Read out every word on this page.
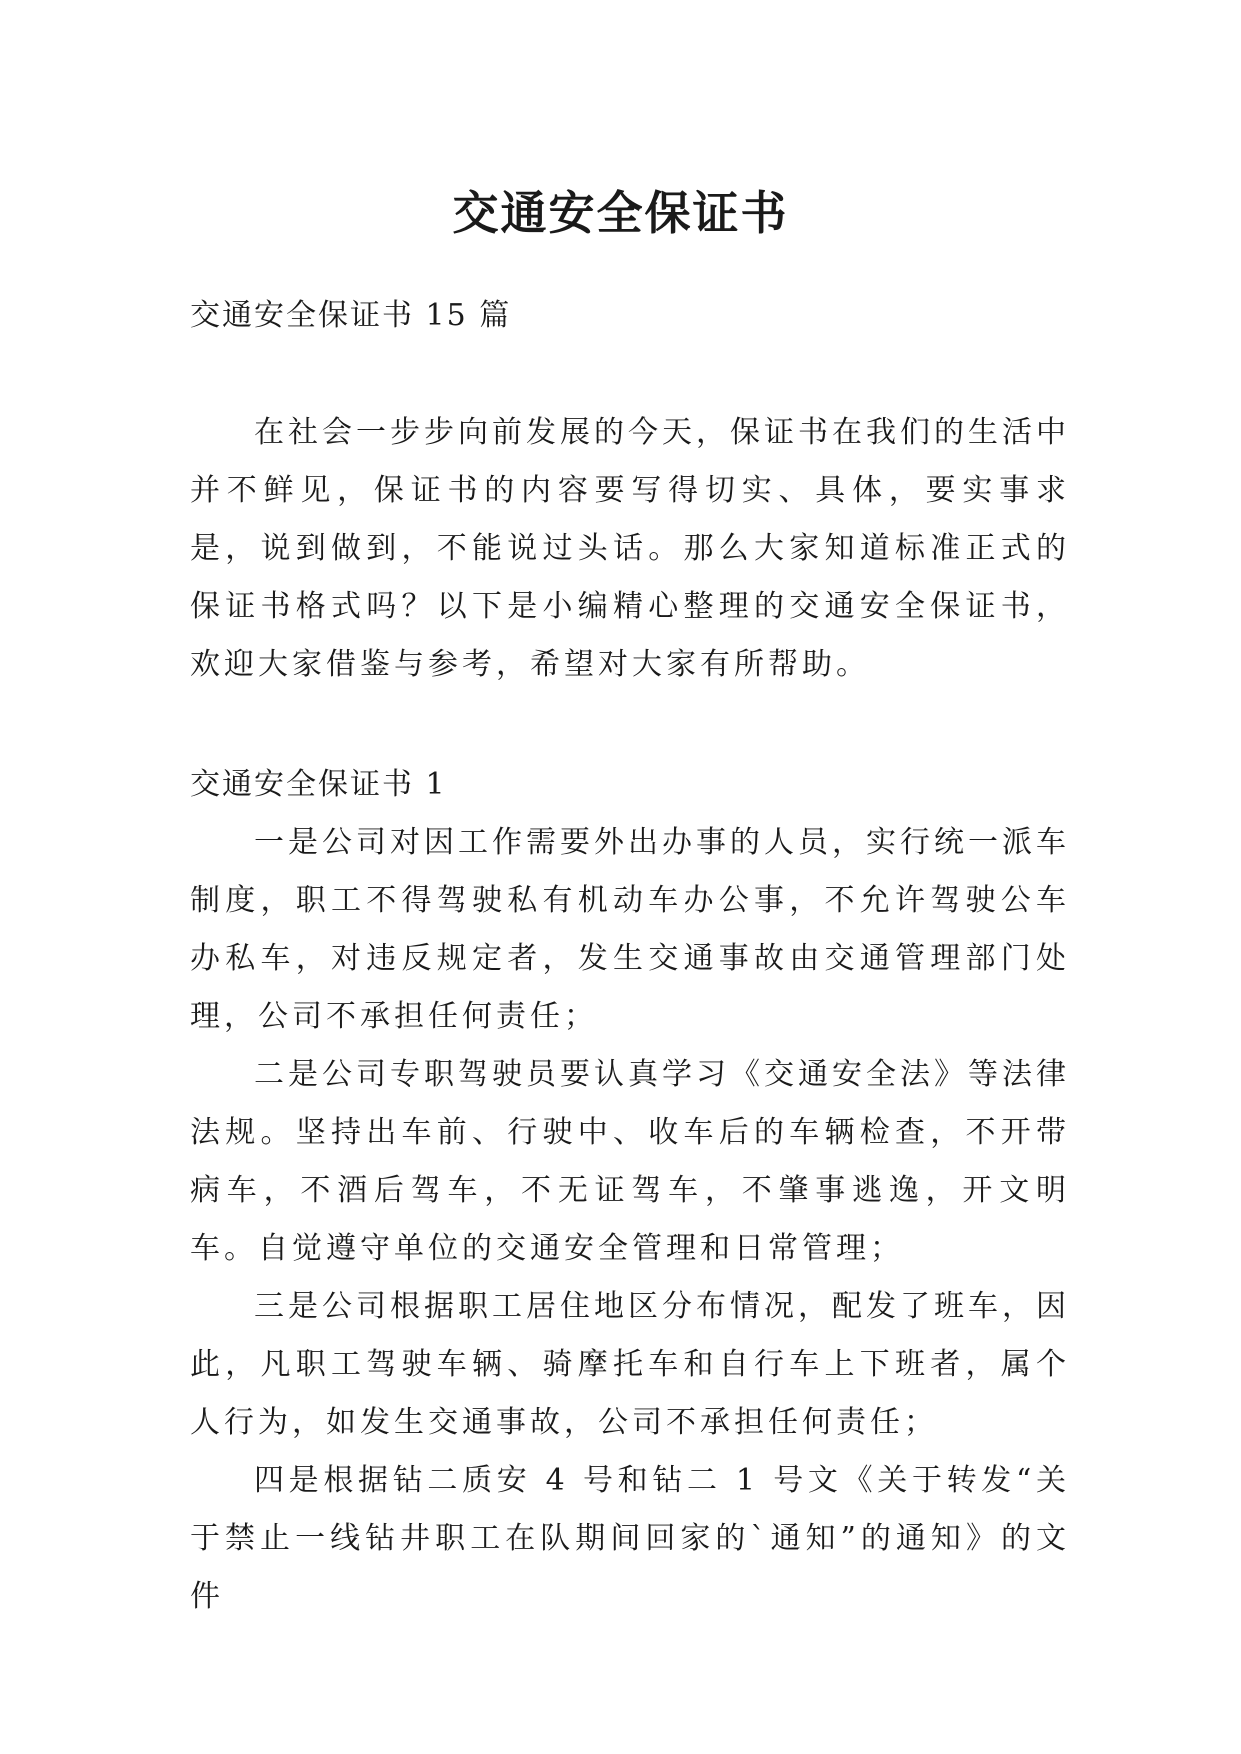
交通安全保证书
交通安全保证书 15 篇

在社会一步步向前发展的今天，保证书在我们的生活中并不鲜见，保证书的内容要写得切实、具体，要实事求是，说到做到，不能说过头话。那么大家知道标准正式的保证书格式吗？以下是小编精心整理的交通安全保证书，欢迎大家借鉴与参考，希望对大家有所帮助。

交通安全保证书 1

一是公司对因工作需要外出办事的人员，实行统一派车制度，职工不得驾驶私有机动车办公事，不允许驾驶公车办私车，对违反规定者，发生交通事故由交通管理部门处理，公司不承担任何责任；

二是公司专职驾驶员要认真学习《交通安全法》等法律法规。坚持出车前、行驶中、收车后的车辆检查，不开带病车，不酒后驾车，不无证驾车，不肇事逃逸，开文明车。自觉遵守单位的交通安全管理和日常管理；

三是公司根据职工居住地区分布情况，配发了班车，因此，凡职工驾驶车辆、骑摩托车和自行车上下班者，属个人行为，如发生交通事故，公司不承担任何责任；

四是根据钻二质安 4 号和钻二 1 号文《关于转发“关于禁止一线钻井职工在队期间回家的`通知”的通知》的文件
